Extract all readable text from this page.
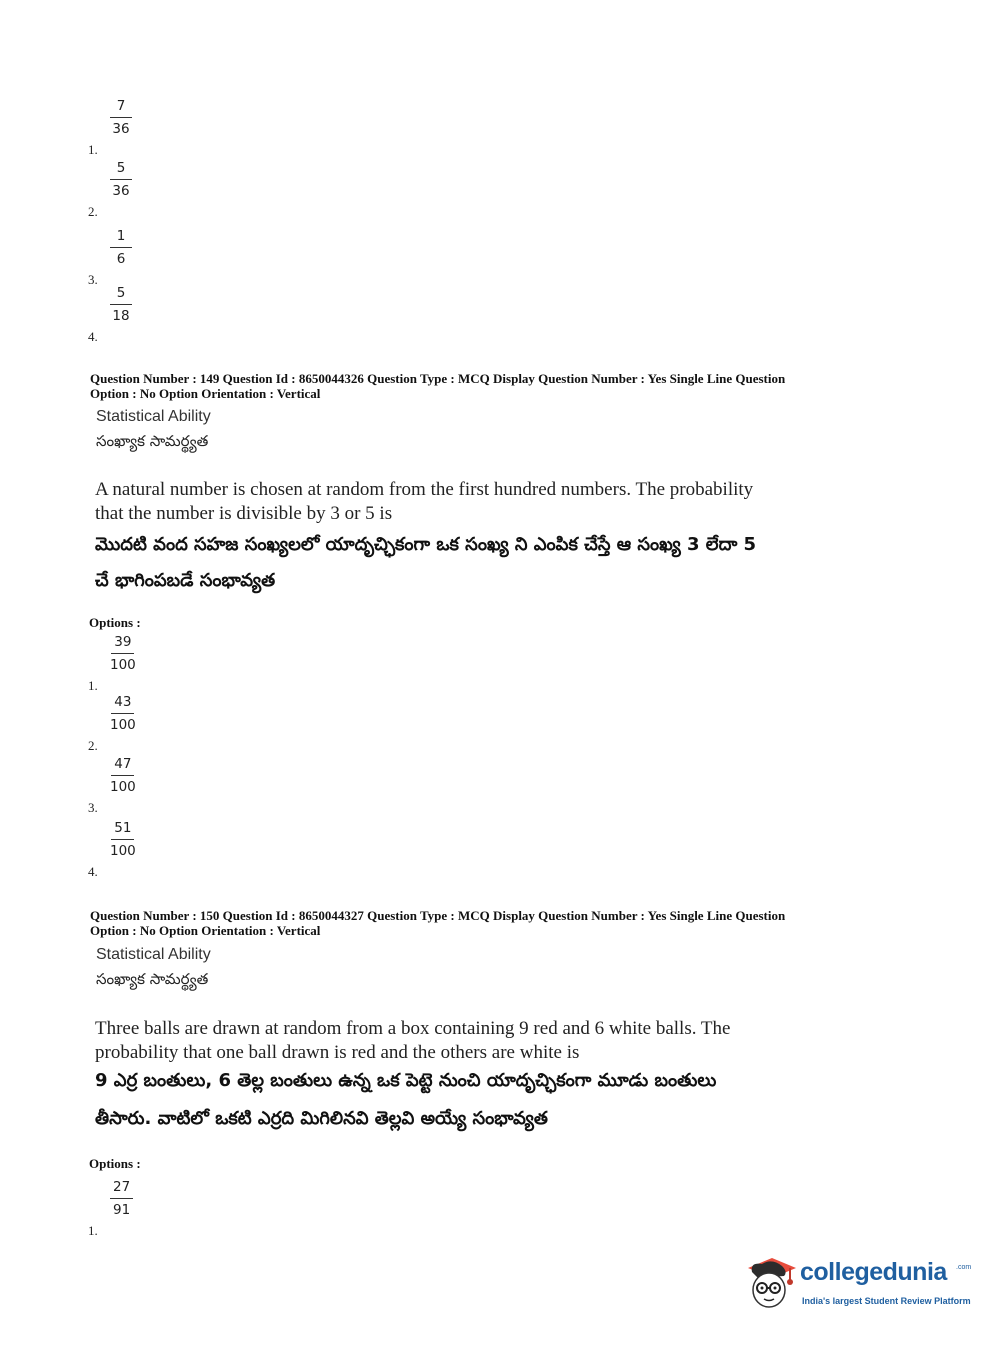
1.
$\frac{7}{36}$
2.
$\frac{5}{36}$
3.
$\frac{1}{6}$
4.
$\frac{5}{18}$
Question Number : 149 Question Id : 8650044326 Question Type : MCQ Display Question Number : Yes Single Line Question
Option : No Option Orientation : Vertical
Statistical Ability
సంఖ్యాక సామర్థ్యత
A natural number is chosen at random from the first hundred numbers. The probability
that the number is divisible by 3 or 5 is
మొదటి వంద సహజ సంఖ్యలలో యాదృచ్ఛికంగా ఒక సంఖ్య ని ఎంపిక చేస్తే ఆ సంఖ్య 3 లేదా 5
చే భాగింపబడే సంభావ్యత
Options :
1.
$\frac{39}{100}$
2.
$\frac{43}{100}$
3.
$\frac{47}{100}$
4.
$\frac{51}{100}$
Question Number : 150 Question Id : 8650044327 Question Type : MCQ Display Question Number : Yes Single Line Question
Option : No Option Orientation : Vertical
Statistical Ability
సంఖ్యాక సామర్థ్యత
Three balls are drawn at random from a box containing 9 red and 6 white balls. The
probability that one ball drawn is red and the others are white is
9 ఎర్ర బంతులు, 6 తెల్ల బంతులు ఉన్న ఒక పెట్టె నుంచి యాదృచ్ఛికంగా మూడు బంతులు
తీసారు. వాటిలో ఒకటి ఎర్రది మిగిలినవి తెల్లవి అయ్యే సంభావ్యత
Options :
1.
$\frac{27}{91}$
collegedunia .com
India's largest Student Review Platform
